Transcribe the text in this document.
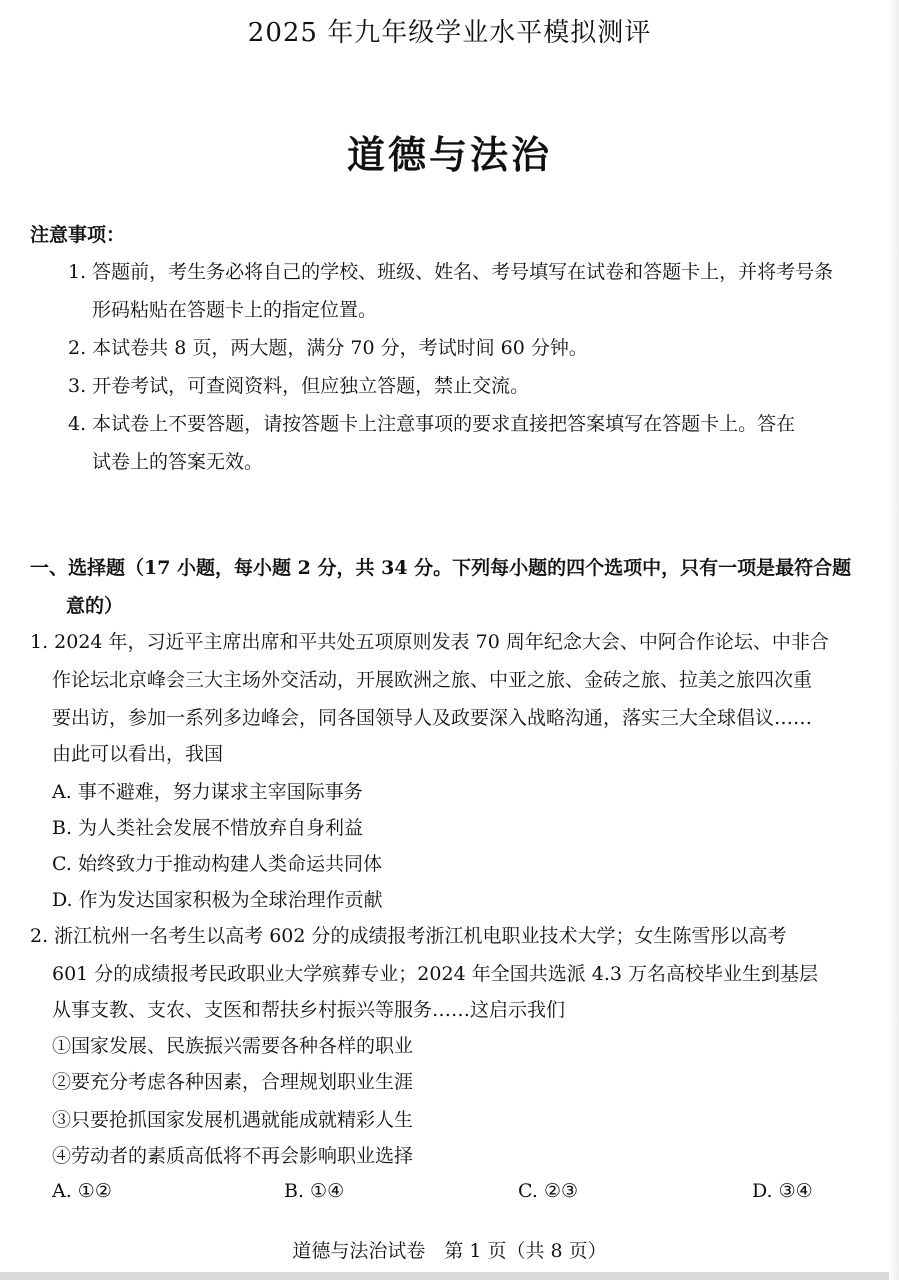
2025 年九年级学业水平模拟测评
道德与法治
注意事项：
1. 答题前，考生务必将自己的学校、班级、姓名、考号填写在试卷和答题卡上，并将考号条
形码粘贴在答题卡上的指定位置。
2. 本试卷共 8 页，两大题，满分 70 分，考试时间 60 分钟。
3. 开卷考试，可查阅资料，但应独立答题，禁止交流。
4. 本试卷上不要答题，请按答题卡上注意事项的要求直接把答案填写在答题卡上。答在
试卷上的答案无效。
一、选择题（17 小题，每小题 2 分，共 34 分。下列每小题的四个选项中，只有一项是最符合题
意的）
1. 2024 年，习近平主席出席和平共处五项原则发表 70 周年纪念大会、中阿合作论坛、中非合
作论坛北京峰会三大主场外交活动，开展欧洲之旅、中亚之旅、金砖之旅、拉美之旅四次重
要出访，参加一系列多边峰会，同各国领导人及政要深入战略沟通，落实三大全球倡议……
由此可以看出，我国
A. 事不避难，努力谋求主宰国际事务
B. 为人类社会发展不惜放弃自身利益
C. 始终致力于推动构建人类命运共同体
D. 作为发达国家积极为全球治理作贡献
2. 浙江杭州一名考生以高考 602 分的成绩报考浙江机电职业技术大学；女生陈雪彤以高考
601 分的成绩报考民政职业大学殡葬专业；2024 年全国共选派 4.3 万名高校毕业生到基层
从事支教、支农、支医和帮扶乡村振兴等服务……这启示我们
①国家发展、民族振兴需要各种各样的职业
②要充分考虑各种因素，合理规划职业生涯
③只要抢抓国家发展机遇就能成就精彩人生
④劳动者的素质高低将不再会影响职业选择
A. ①②	B. ①④	C. ②③	D. ③④
道德与法治试卷　第 1 页（共 8 页）
